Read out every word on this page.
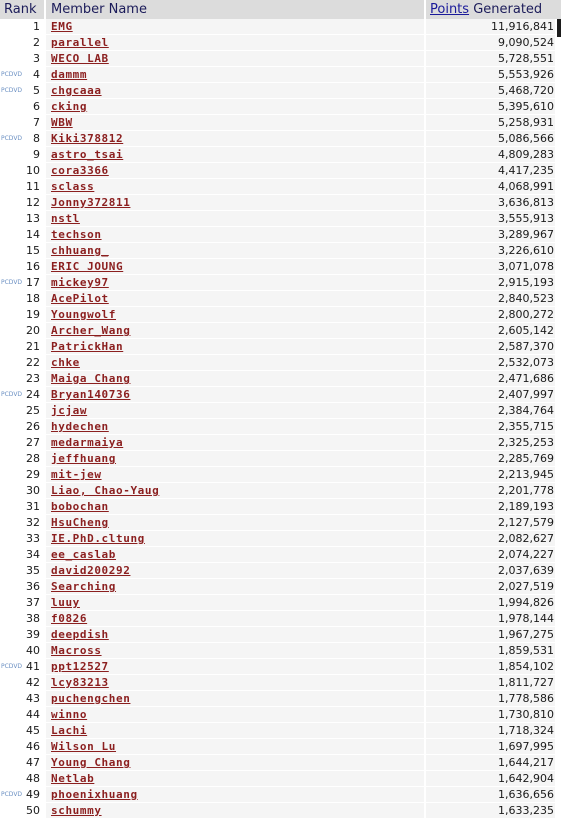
Rank Member Name	Points Generated
1 EMG	11,916,841
2 parallel	9,090,524
3 WECO LAB	5,728,551
PCDVD 4 dammm	5,553,926
PCDVD 5 chgcaaa	5,468,720
6 cking	5,395,610
7 WBW	5,258,931
PCDVD 8 Kiki378812	5,086,566
9 astro_tsai	4,809,283
10 cora3366	4,417,235
11 sclass	4,068,991
12 Jonny372811	3,636,813
13 nstl	3,555,913
14 techson	3,289,967
15 chhuang_	3,226,610
16 ERIC JOUNG	3,071,078
PCDVD 17 mickey97	2,915,193
18 AcePilot	2,840,523
19 Youngwolf	2,800,272
20 Archer_Wang	2,605,142
21 PatrickHan	2,587,370
22 chke	2,532,073
23 Maiga Chang	2,471,686
PCDVD 24 Bryan140736	2,407,997
25 jcjaw	2,384,764
26 hydechen	2,355,715
27 medarmaiya	2,325,253
28 jeffhuang	2,285,769
29 mit-jew	2,213,945
30 Liao, Chao-Yaug	2,201,778
31 bobochan	2,189,193
32 HsuCheng	2,127,579
33 IE.PhD.cltung	2,082,627
34 ee_caslab	2,074,227
35 david200292	2,037,639
36 Searching	2,027,519
37 luuy	1,994,826
38 f0826	1,978,144
39 deepdish	1,967,275
40 Macross	1,859,531
PCDVD 41 ppt12527	1,854,102
42 lcy83213	1,811,727
43 puchengchen	1,778,586
44 winno	1,730,810
45 Lachi	1,718,324
46 Wilson Lu	1,697,995
47 Young Chang	1,644,217
48 Netlab	1,642,904
PCDVD 49 phoenixhuang	1,636,656
50 schummy	1,633,235
